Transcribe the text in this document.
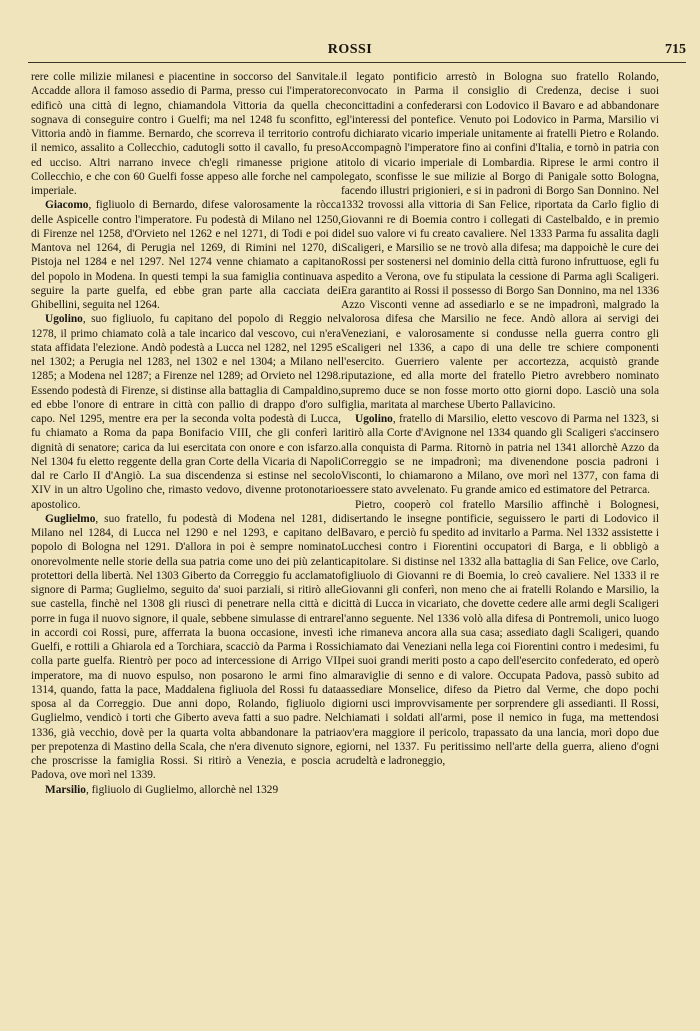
ROSSI	715

rere colle milizie milanesi e piacentine in soccorso del Sanvitale. Accadde allora il famoso assedio di Parma, presso cui l'imperatore edificò una città di legno, chiamandola Vittoria da quella che sognava di conseguire contro i Guelfi; ma nel 1248 fu sconfitto, e Vittoria andò in fiamme. Bernardo, che scorreva il territorio contro il nemico, assalito a Collecchio, cadutogli sotto il cavallo, fu preso ed ucciso. Altri narrano invece ch'egli rimanesse prigione a Collecchio, e che con 60 Guelfi fosse appeso alle forche nel campo imperiale.

Giacomo, figliuolo di Bernardo, difese valorosamente la ròcca delle Aspicelle contro l'imperatore. Fu podestà di Milano nel 1250, di Firenze nel 1258, d'Orvieto nel 1262 e nel 1271, di Todi e poi di Mantova nel 1264, di Perugia nel 1269, di Rimini nel 1270, di Pistoja nel 1284 e nel 1297. Nel 1274 venne chiamato a capitano del popolo in Modena. In questi tempi la sua famiglia continuava a seguire la parte guelfa, ed ebbe gran parte alla cacciata dei Ghibellini, seguita nel 1264.

Ugolino, suo figliuolo, fu capitano del popolo di Reggio nel 1278, il primo chiamato colà a tale incarico dal vescovo, cui n'era stata affidata l'elezione. Andò podestà a Lucca nel 1282, nel 1295 e nel 1302; a Perugia nel 1283, nel 1302 e nel 1304; a Milano nel 1285; a Modena nel 1287; a Firenze nel 1289; ad Orvieto nel 1298. Essendo podestà di Firenze, si distinse alla battaglia di Campaldino, ed ebbe l'onore di entrare in città con pallio di drappo d'oro sul capo. Nel 1295, mentre era per la seconda volta podestà di Lucca, fu chiamato a Roma da papa Bonifacio VIII, che gli conferì la dignità di senatore; carica da lui esercitata con onore e con isfarzo. Nel 1304 fu eletto reggente della gran Corte della Vicaria di Napoli dal re Carlo II d'Angiò. La sua discendenza si estinse nel secolo XIV in un altro Ugolino che, rimasto vedovo, divenne protonotario apostolico.

Guglielmo, suo fratello, fu podestà di Modena nel 1281, di Milano nel 1284, di Lucca nel 1290 e nel 1293, e capitano del popolo di Bologna nel 1291. D'allora in poi è sempre nominato onorevolmente nelle storie della sua patria come uno dei più zelanti protettori della libertà. Nel 1303 Giberto da Correggio fu acclamato signore di Parma; Guglielmo, seguito da' suoi parziali, si ritirò alle sue castella, finchè nel 1308 gli riuscì di penetrare nella città e di porre in fuga il nuovo signore, il quale, sebbene simulasse di entrare in accordi coi Rossi, pure, afferrata la buona occasione, investì i Guelfi, e rottili a Ghiarola ed a Torchiara, scacciò da Parma i Rossi colla parte guelfa. Rientrò per poco ad intercessione di Arrigo VII imperatore, ma di nuovo espulso, non posarono le armi fino al 1314, quando, fatta la pace, Maddalena figliuola del Rossi fu data sposa al da Correggio. Due anni dopo, Rolando, figliuolo di Guglielmo, vendicò i torti che Giberto aveva fatti a suo padre. Nel 1336, già vecchio, dovè per la quarta volta abbandonare la patria per prepotenza di Mastino della Scala, che n'era divenuto signore, e che proscrisse la famiglia Rossi. Si ritirò a Venezia, e poscia a Padova, ove morì nel 1339.

Marsilio, figliuolo di Guglielmo, allorchè nel 1329

il legato pontificio arrestò in Bologna suo fratello Rolando, convocato in Parma il consiglio di Credenza, decise i suoi concittadini a confederarsi con Lodovico il Bavaro e ad abbandonare gl'interessi del pontefice. Venuto poi Lodovico in Parma, Marsilio vi fu dichiarato vicario imperiale unitamente ai fratelli Pietro e Rolando. Accompagnò l'imperatore fino ai confini d'Italia, e tornò in patria con titolo di vicario imperiale di Lombardia. Riprese le armi contro il legato, sconfisse le sue milizie al Borgo di Panigale sotto Bologna, facendo illustri prigionieri, e si in padronì di Borgo San Donnino. Nel 1332 trovossi alla vittoria di San Felice, riportata da Carlo figlio di Giovanni re di Boemia contro i collegati di Castelbaldo, e in premio del suo valore vi fu creato cavaliere. Nel 1333 Parma fu assalita dagli Scaligeri, e Marsilio se ne trovò alla difesa; ma dappoichè le cure dei Rossi per sostenersi nel dominio della città furono infruttuose, egli fu spedito a Verona, ove fu stipulata la cessione di Parma agli Scaligeri. Era garantito ai Rossi il possesso di Borgo San Donnino, ma nel 1336 Azzo Visconti venne ad assediarlo e se ne impadronì, malgrado la valorosa difesa che Marsilio ne fece. Andò allora ai servigi dei Veneziani, e valorosamente si condusse nella guerra contro gli Scaligeri nel 1336, a capo di una delle tre schiere componenti l'esercito. Guerriero valente per accortezza, acquistò grande riputazione, ed alla morte del fratello Pietro avrebbero nominato supremo duce se non fosse morto otto giorni dopo. Lasciò una sola figlia, maritata al marchese Uberto Pallavicino.

Ugolino, fratello di Marsilio, eletto vescovo di Parma nel 1323, si ritirò alla Corte d'Avignone nel 1334 quando gli Scaligeri s'accinsero alla conquista di Parma. Ritornò in patria nel 1341 allorchè Azzo da Correggio se ne impadronì; ma divenendone poscia padroni i Visconti, lo chiamarono a Milano, ove morì nel 1377, con fama di essere stato avvelenato. Fu grande amico ed estimatore del Petrarca.

Pietro, cooperò col fratello Marsilio affinchè i Bolognesi, disertando le insegne pontificie, seguissero le parti di Lodovico il Bavaro, e perciò fu spedito ad invitarlo a Parma. Nel 1332 assistette i Lucchesi contro i Fiorentini occupatori di Barga, e li obbligò a capitolare. Si distinse nel 1332 alla battaglia di San Felice, ove Carlo, figliuolo di Giovanni re di Boemia, lo creò cavaliere. Nel 1333 il re Giovanni gli conferì, non meno che ai fratelli Rolando e Marsilio, la città di Lucca in vicariato, che dovette cedere alle armi degli Scaligeri l'anno seguente. Nel 1336 volò alla difesa di Pontremoli, unico luogo che rimaneva ancora alla sua casa; assediato dagli Scaligeri, quando chiamato dai Veneziani nella lega coi Fiorentini contro i medesimi, fu pei suoi grandi meriti posto a capo dell'esercito confederato, ed operò maraviglie di senno e di valore. Occupata Padova, passò subito ad assediare Monselice, difeso da Pietro dal Verme, che dopo pochi giorni usci improvvisamente per sorprendere gli assedianti. Il Rossi, chiamati i soldati all'armi, pose il nemico in fuga, ma mettendosi ov'era maggiore il pericolo, trapassato da una lancia, morì dopo due giorni, nel 1337. Fu peritissimo nell'arte della guerra, alieno d'ogni crudeltà e ladroneggio,
